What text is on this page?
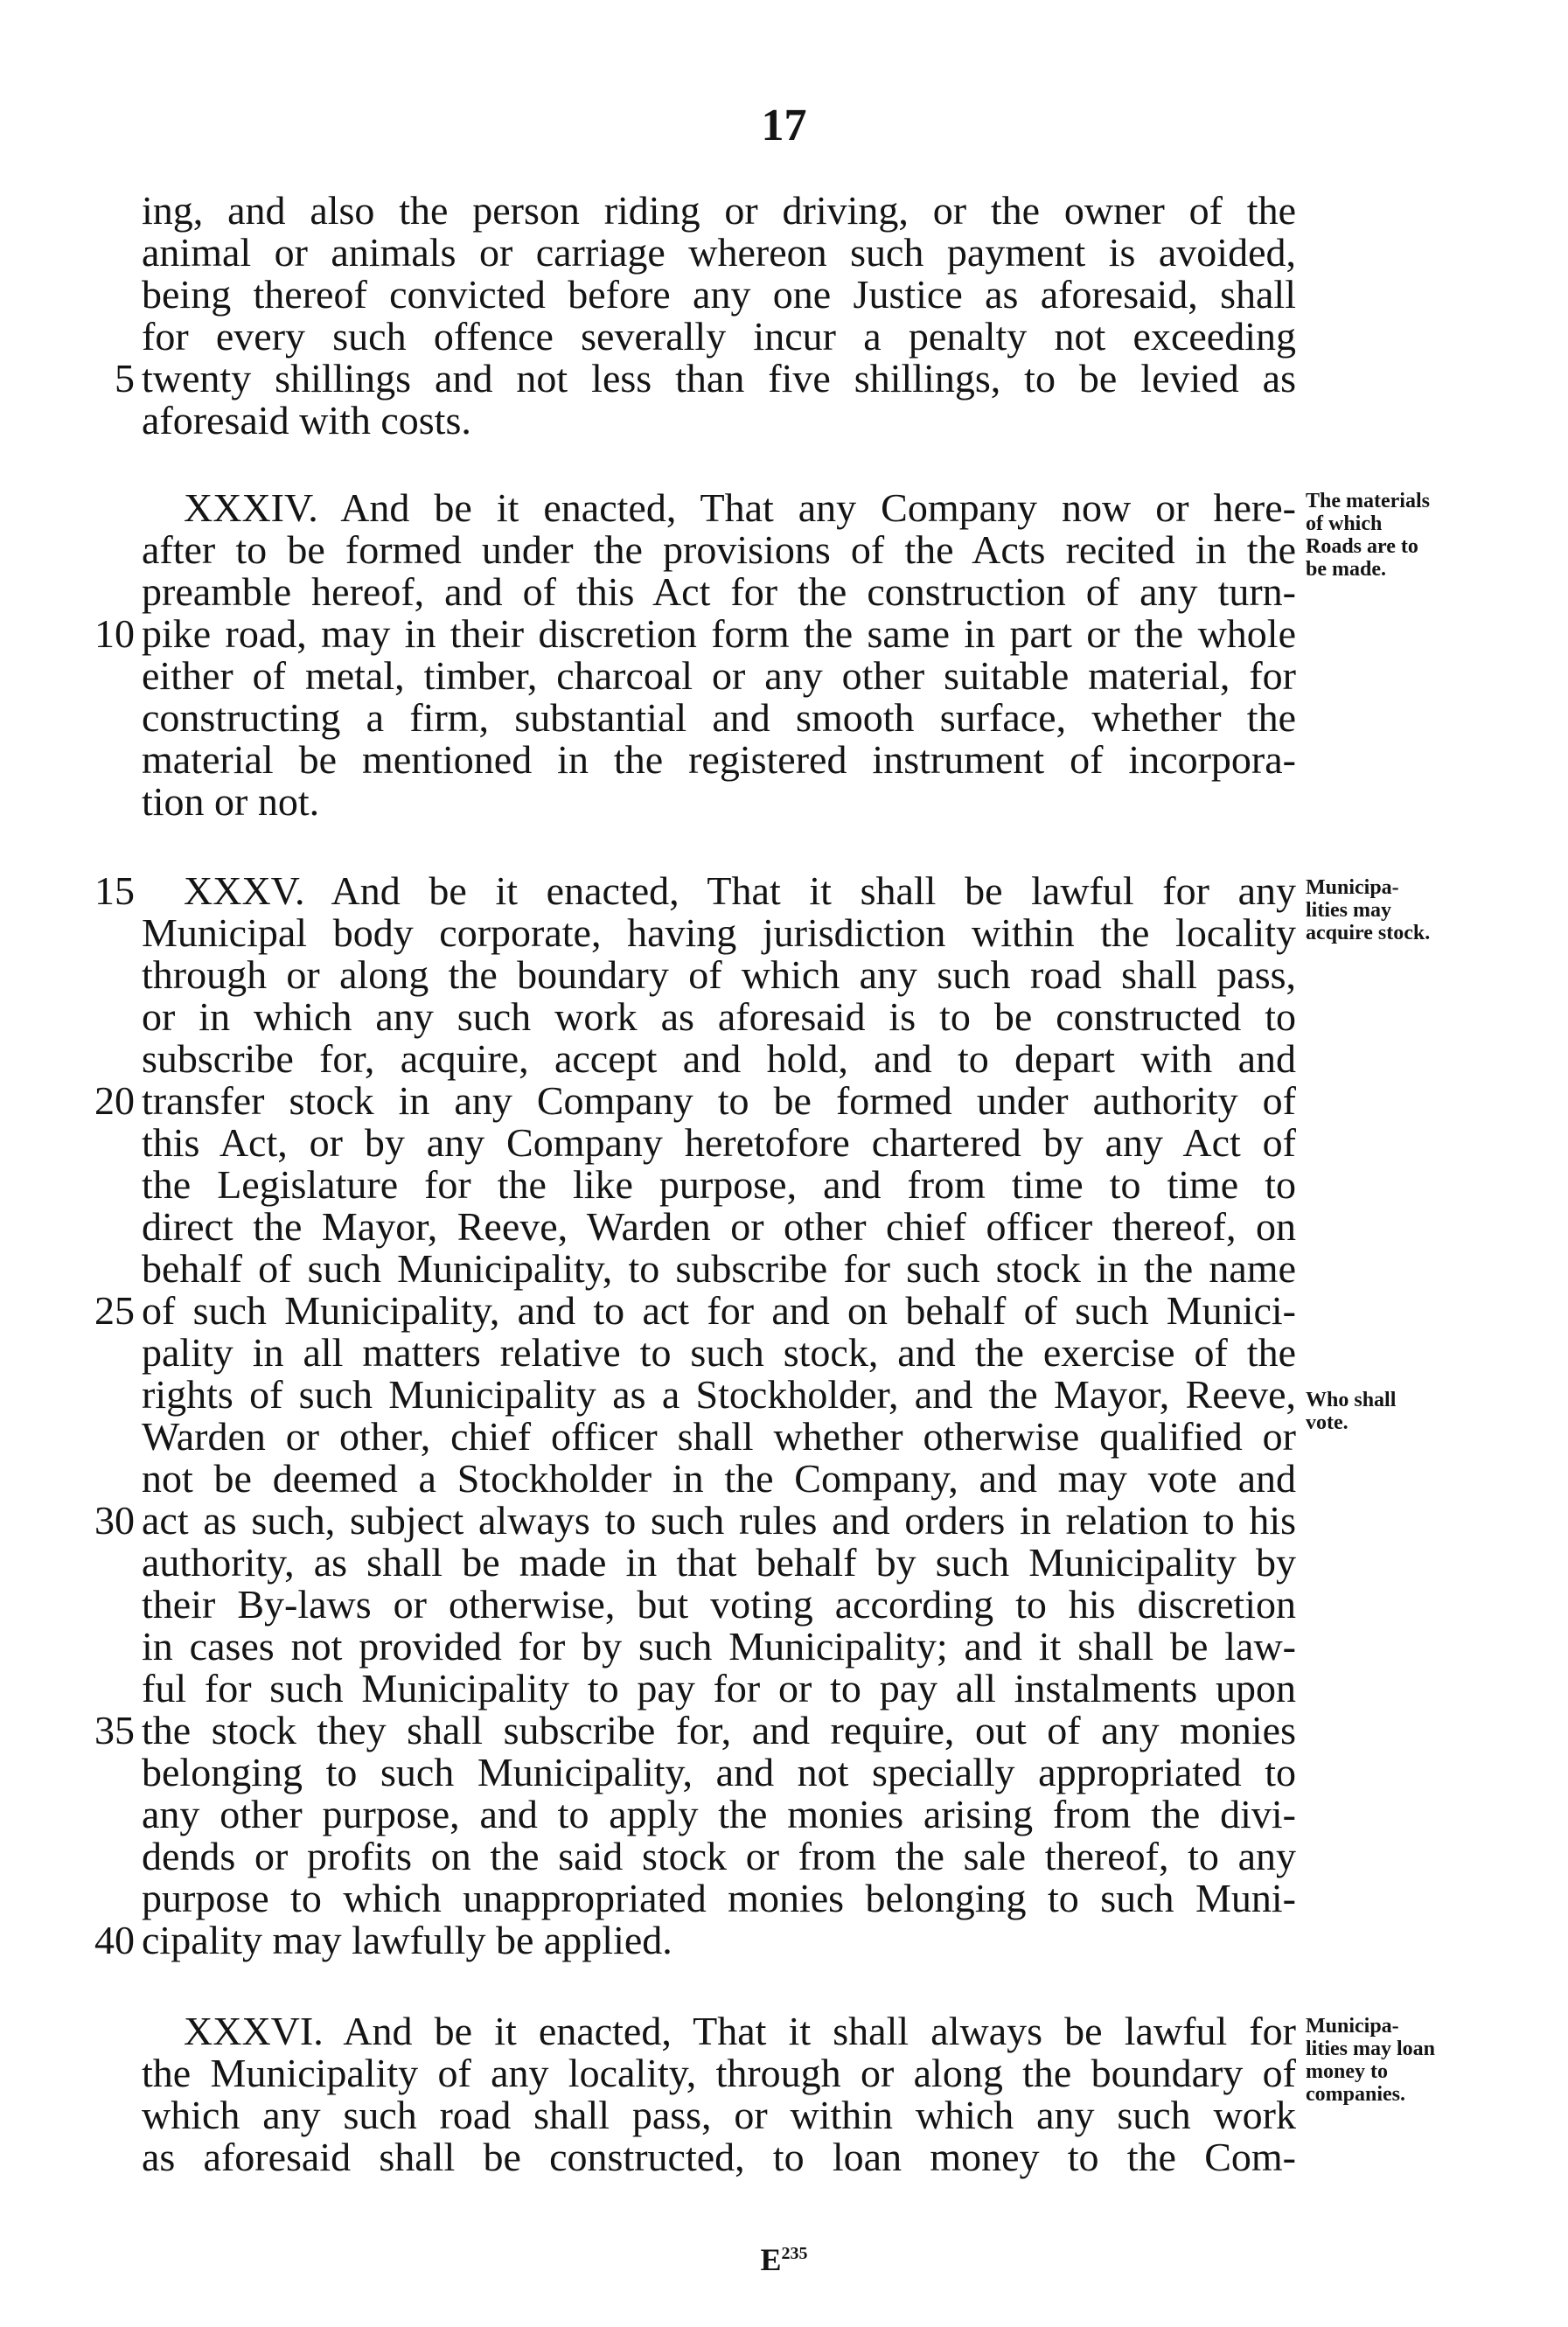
17
ing, and also the person riding or driving, or the owner of the
animal or animals or carriage whereon such payment is avoided,
being thereof convicted before any one Justice as aforesaid, shall
for every such offence severally incur a penalty not exceeding
twenty shillings and not less than five shillings, to be levied as
aforesaid with costs.
XXXIV. And be it enacted, That any Company now or here-
after to be formed under the provisions of the Acts recited in the
preamble hereof, and of this Act for the construction of any turn-
pike road, may in their discretion form the same in part or the whole
either of metal, timber, charcoal or any other suitable material, for
constructing a firm, substantial and smooth surface, whether the
material be mentioned in the registered instrument of incorpora-
tion or not.
XXXV. And be it enacted, That it shall be lawful for any
Municipal body corporate, having jurisdiction within the locality
through or along the boundary of which any such road shall pass,
or in which any such work as aforesaid is to be constructed to
subscribe for, acquire, accept and hold, and to depart with and
transfer stock in any Company to be formed under authority of
this Act, or by any Company heretofore chartered by any Act of
the Legislature for the like purpose, and from time to time to
direct the Mayor, Reeve, Warden or other chief officer thereof, on
behalf of such Municipality, to subscribe for such stock in the name
of such Municipality, and to act for and on behalf of such Munici-
pality in all matters relative to such stock, and the exercise of the
rights of such Municipality as a Stockholder, and the Mayor, Reeve,
Warden or other, chief officer shall whether otherwise qualified or
not be deemed a Stockholder in the Company, and may vote and
act as such, subject always to such rules and orders in relation to his
authority, as shall be made in that behalf by such Municipality by
their By-laws or otherwise, but voting according to his discretion
in cases not provided for by such Municipality; and it shall be law-
ful for such Municipality to pay for or to pay all instalments upon
the stock they shall subscribe for, and require, out of any monies
belonging to such Municipality, and not specially appropriated to
any other purpose, and to apply the monies arising from the divi-
dends or profits on the said stock or from the sale thereof, to any
purpose to which unappropriated monies belonging to such Muni-
cipality may lawfully be applied.
XXXVI. And be it enacted, That it shall always be lawful for
the Municipality of any locality, through or along the boundary of
which any such road shall pass, or within which any such work
as aforesaid shall be constructed, to loan money to the Com-
5
10
15
20
25
30
35
40
The materials
of which
Roads are to
be made.
Municipa-
lities may
acquire stock.
Who shall
vote.
Municipa-
lities may loan
money to
companies.
$E^{235}$
